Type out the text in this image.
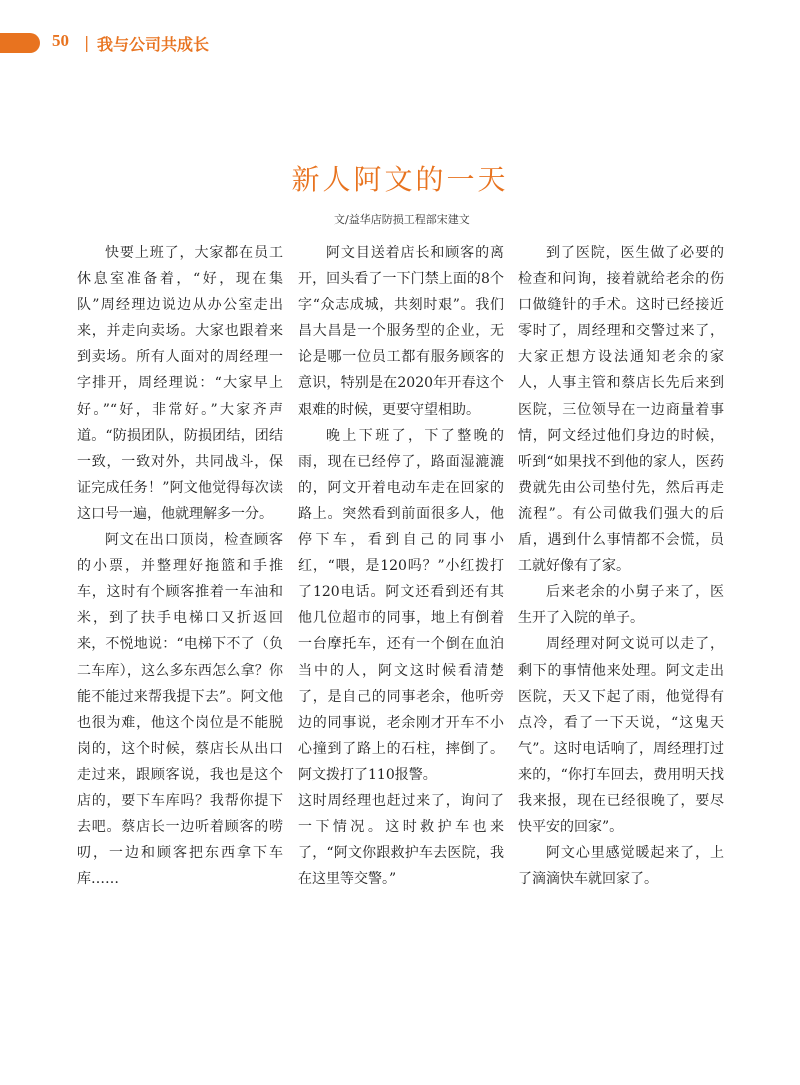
50 | 我与公司共成长
新人阿文的一天
文/益华店防损工程部宋建文

快要上班了，大家都在员工休息室准备着，“好，现在集队”周经理边说边从办公室走出来，并走向卖场。大家也跟着来到卖场。所有人面对的周经理一字排开，周经理说：“大家早上好。”“好，非常好。”大家齐声道。“防损团队，防损团结，团结一致，一致对外，共同战斗，保证完成任务！”阿文他觉得每次读这口号一遍，他就理解多一分。

阿文在出口顶岗，检查顾客的小票，并整理好拖篮和手推车，这时有个顾客推着一车油和米，到了扶手电梯口又折返回来，不悦地说：“电梯下不了（负二车库），这么多东西怎么拿？你能不能过来帮我提下去”。阿文他也很为难，他这个岗位是不能脱岗的，这个时候，蔡店长从出口走过来，跟顾客说，我也是这个店的，要下车库吗？我帮你提下去吧。蔡店长一边听着顾客的唠叨，一边和顾客把东西拿下车库……

阿文目送着店长和顾客的离开，回头看了一下门禁上面的8个字“众志成城，共刻时艰”。我们昌大昌是一个服务型的企业，无论是哪一位员工都有服务顾客的意识，特别是在2020年开春这个艰难的时候，更要守望相助。

晚上下班了，下了整晚的雨，现在已经停了，路面湿漉漉的，阿文开着电动车走在回家的路上。突然看到前面很多人，他停下车，看到自己的同事小红，“喂，是120吗？”小红拨打了120电话。阿文还看到还有其他几位超市的同事，地上有倒着一台摩托车，还有一个倒在血泊当中的人，阿文这时候看清楚了，是自己的同事老余，他听旁边的同事说，老余刚才开车不小心撞到了路上的石柱，摔倒了。阿文拨打了110报警。

这时周经理也赶过来了，询问了一下情况。这时救护车也来了，“阿文你跟救护车去医院，我在这里等交警。”

到了医院，医生做了必要的检查和问询，接着就给老余的伤口做缝针的手术。这时已经接近零时了，周经理和交警过来了，大家正想方设法通知老余的家人，人事主管和蔡店长先后来到医院，三位领导在一边商量着事情，阿文经过他们身边的时候，听到“如果找不到他的家人，医药费就先由公司垫付先，然后再走流程”。有公司做我们强大的后盾，遇到什么事情都不会慌，员工就好像有了家。

后来老余的小舅子来了，医生开了入院的单子。

周经理对阿文说可以走了，剩下的事情他来处理。阿文走出医院，天又下起了雨，他觉得有点冷，看了一下天说，“这鬼天气”。这时电话响了，周经理打过来的，“你打车回去，费用明天找我来报，现在已经很晚了，要尽快平安的回家”。

阿文心里感觉暖起来了，上了滴滴快车就回家了。
